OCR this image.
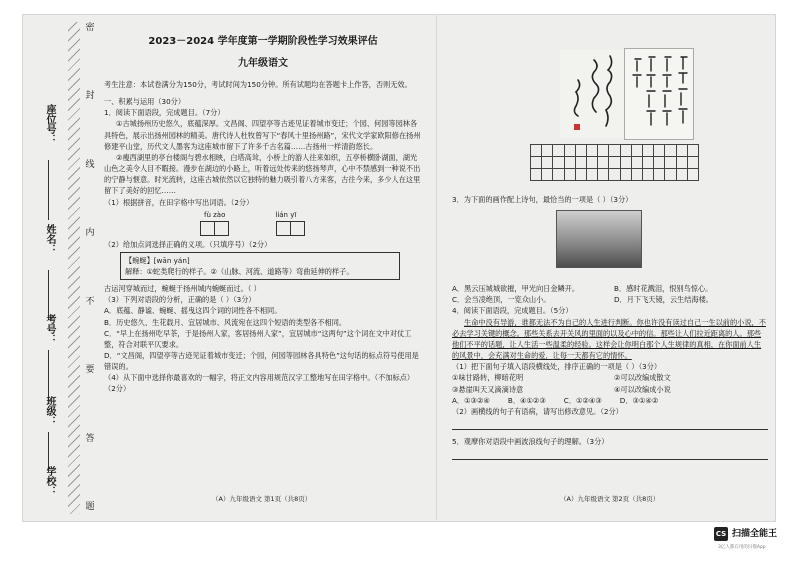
座位号：
姓名：
考号：
班级：
学校：
密
封
线
内
不
要
答
题

2023－2024 学年度第一学期阶段性学习效果评估

九年级语文

考生注意：本试卷满分为150分，考试时间为150分钟。所有试题均在答题卡上作答，否则无效。

一、积累与运用（30分）

1．阅读下面语段，完成题目。（7分）

①古城扬州历史悠久，底蕴深厚。文昌阁、四望亭等古迹见证着城市变迁；个园、何园等园林各具特色，展示出扬州园林的精美。唐代诗人杜牧曾写下“春风十里扬州路”，宋代文学家欧阳修在扬州修建平山堂，历代文人墨客为这座城市留下了许多千古名篇……古扬州一样清韵悠长。

②瘦西湖里的亭台楼阁与碧水相映，白塔高耸，小桥上的游人往来如织，五亭桥横卧湖面，湖光山色之美令人目不暇接。漫步在湖边的小路上，听着远处传来的悠扬琴声，心中不禁感到一种说不出的宁静与惬意。时光流转，这座古城依然以它独特的魅力吸引着八方来客，古往今来，多少人在这里留下了美好的回忆……

（1）根据拼音，在田字格中写出词语。（2分）

fù zào	lián yī

（2）给加点词选择正确的义项。（只填序号）（2分）

【蜿蜒】[wān yán]

解释：①蛇类爬行的样子。②（山脉、河流、道路等）弯曲延伸的样子。

古运河穿城而过，蜿蜒于扬州城内蜿蜒而过。（ ）

（3）下列对语段的分析，正确的是（ ）（3分）

A．底蕴、静谧、蜿蜒、摇曳这四个词的词性各不相同。

B．历史悠久、生花载月、宜居城市、风流宛在这四个短语的类型各不相同。

C．“早上在扬州吃早茶，于是扬州人家，客居扬州人家”，宜居城市“这两句”这个词在文中对仗工整，符合对联平仄要求。

D．“文昌阁，四望亭等古迹见证着城市变迁；个园，何园等园林各具特色”这句话的标点符号使用是错误的。

（4）从下面中选择你最喜欢的一幅字，将正文内容用规范汉字工整地写在田字格中。（不加标点）（2分）

（A）九年级语文 第1页（共8页）

3．为下面的画作配上诗句，最恰当的一项是（ ）（3分）

A．黑云压城城欲摧，甲光向日金鳞开。	B．感时花溅泪，恨别鸟惊心。

C．会当凌绝顶，一览众山小。	D．月下飞天镜，云生结海楼。

4．阅读下面语段，完成题目。（5分）

生命中没有导游，谁都无法不为自己的人生进行判断。你也许没有读过自己一生以前的小说，不必去学习关键的概念。那些关系去开关风的里面的以及心中的信。那些让人们拉近距离的人。那些他们不平的话题，让人生活一些温柔的经验。这样会让你明白那个人生规律的真相，在你面前人生的风景中，会充满对生命的爱，让每一天都有它的情怀。

（1）把下面句子填入语段横线处，排序正确的一项是（ ）（3分）

①味甘路转，柳暗花明	②可以改编成散文

③悬崖叫天又滴滴诗意	④可以改编成小说

A．①③②④	B．④①②③	C．①②④③	D．③①④②

（2）画横线的句子有语病，请写出修改意见。（2分）

5．观摩你对语段中画波浪线句子的理解。（3分）

（A）九年级语文 第2页（共8页）
CS 扫描全能王
3亿人都在用的扫描App
